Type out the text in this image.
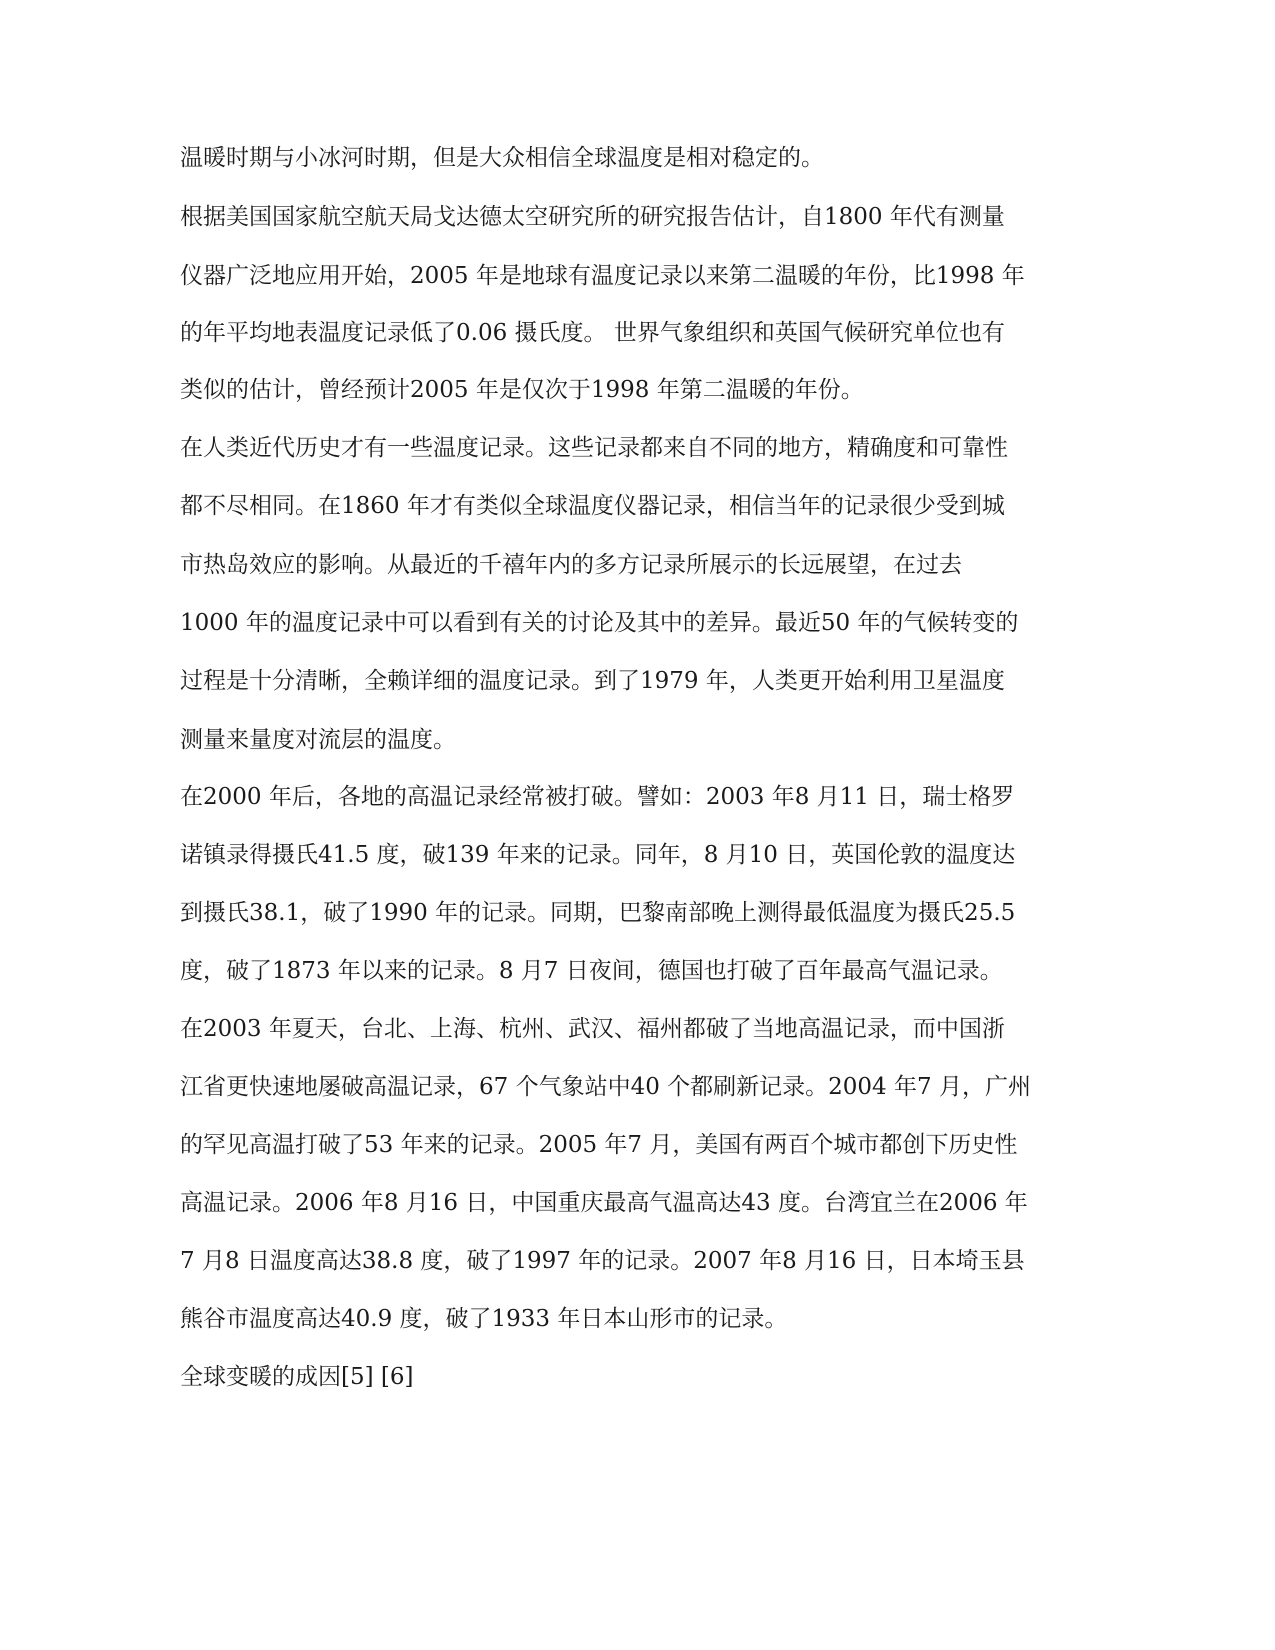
温暖时期与小冰河时期，但是大众相信全球温度是相对稳定的。
根据美国国家航空航天局戈达德太空研究所的研究报告估计，自1800 年代有测量
仪器广泛地应用开始，2005 年是地球有温度记录以来第二温暖的年份，比1998 年
的年平均地表温度记录低了0.06 摄氏度。 世界气象组织和英国气候研究单位也有
类似的估计，曾经预计2005 年是仅次于1998 年第二温暖的年份。
在人类近代历史才有一些温度记录。这些记录都来自不同的地方，精确度和可靠性
都不尽相同。在1860 年才有类似全球温度仪器记录，相信当年的记录很少受到城
市热岛效应的影响。从最近的千禧年内的多方记录所展示的长远展望，在过去
1000 年的温度记录中可以看到有关的讨论及其中的差异。最近50 年的气候转变的
过程是十分清晰，全赖详细的温度记录。到了1979 年，人类更开始利用卫星温度
测量来量度对流层的温度。
在2000 年后，各地的高温记录经常被打破。譬如：2003 年8 月11 日，瑞士格罗
诺镇录得摄氏41.5 度，破139 年来的记录。同年，8 月10 日，英国伦敦的温度达
到摄氏38.1，破了1990 年的记录。同期，巴黎南部晚上测得最低温度为摄氏25.5
度，破了1873 年以来的记录。8 月7 日夜间，德国也打破了百年最高气温记录。
在2003 年夏天，台北、上海、杭州、武汉、福州都破了当地高温记录，而中国浙
江省更快速地屡破高温记录，67 个气象站中40 个都刷新记录。2004 年7 月，广州
的罕见高温打破了53 年来的记录。2005 年7 月，美国有两百个城市都创下历史性
高温记录。2006 年8 月16 日，中国重庆最高气温高达43 度。台湾宜兰在2006 年
7 月8 日温度高达38.8 度，破了1997 年的记录。2007 年8 月16 日，日本埼玉县
熊谷市温度高达40.9 度，破了1933 年日本山形市的记录。
全球变暖的成因[5] [6]
